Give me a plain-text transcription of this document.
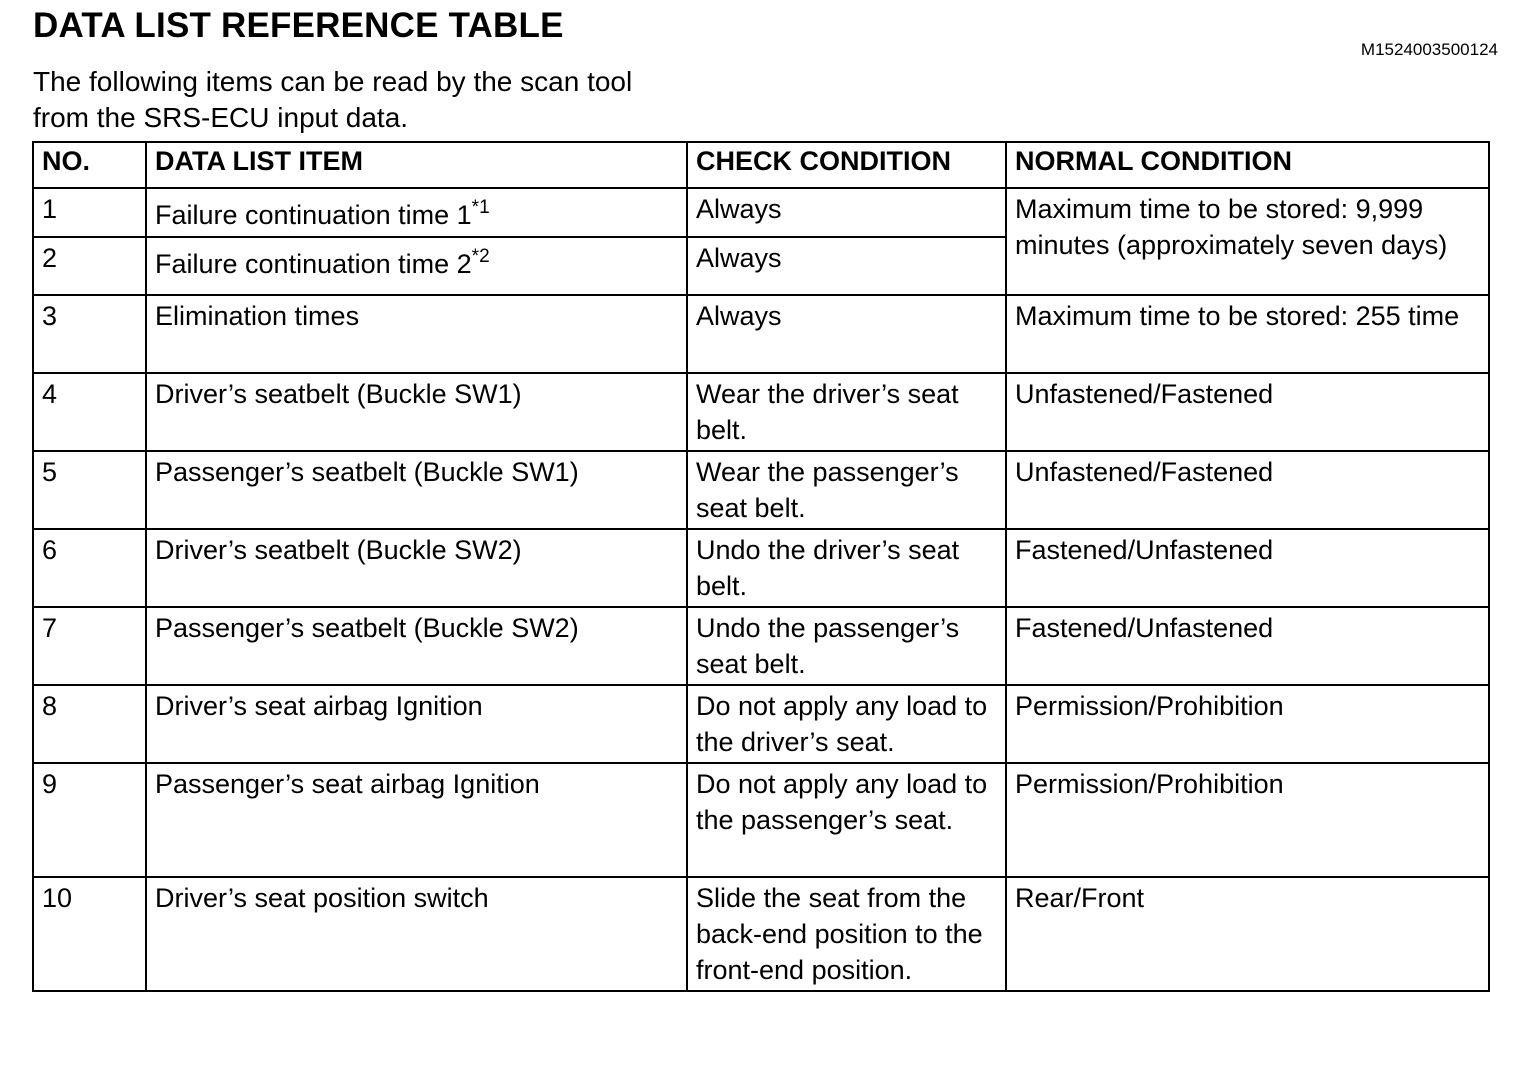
DATA LIST REFERENCE TABLE
M1524003500124
The following items can be read by the scan tool
from the SRS-ECU input data.
NO.	DATA LIST ITEM	CHECK CONDITION	NORMAL CONDITION
1	Failure continuation time 1$^{*1}$	Always	Maximum time to be stored: 9,999 minutes (approximately seven days)
2	Failure continuation time 2$^{*2}$	Always	
3	Elimination times	Always	Maximum time to be stored: 255 time
4	Driver’s seatbelt (Buckle SW1)	Wear the driver’s seat belt.	Unfastened/Fastened
5	Passenger’s seatbelt (Buckle SW1)	Wear the passenger’s seat belt.	Unfastened/Fastened
6	Driver’s seatbelt (Buckle SW2)	Undo the driver’s seat belt.	Fastened/Unfastened
7	Passenger’s seatbelt (Buckle SW2)	Undo the passenger’s seat belt.	Fastened/Unfastened
8	Driver’s seat airbag Ignition	Do not apply any load to the driver’s seat.	Permission/Prohibition
9	Passenger’s seat airbag Ignition	Do not apply any load to the passenger’s seat.	Permission/Prohibition
10	Driver’s seat position switch	Slide the seat from the back-end position to the front-end position.	Rear/Front
